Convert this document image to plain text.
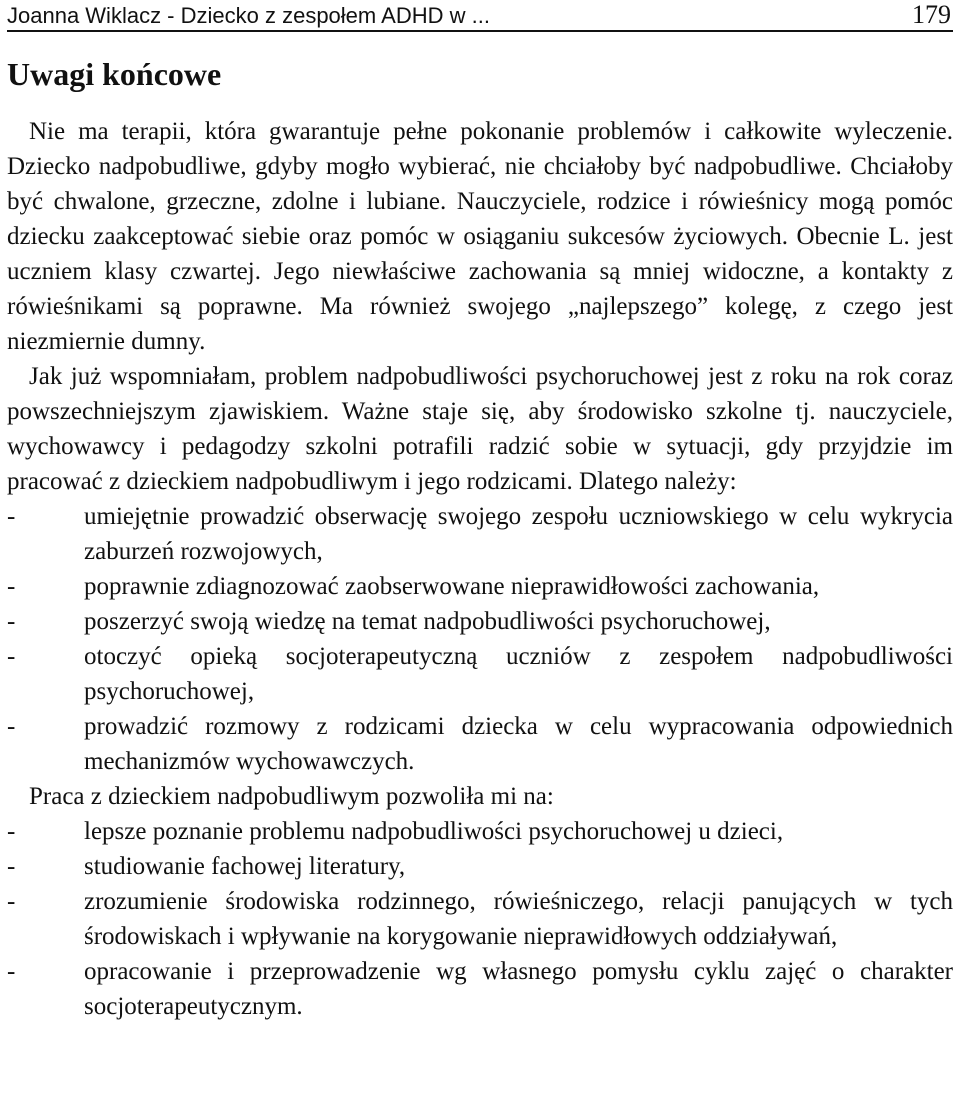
Joanna Wiklacz - Dziecko z zespołem ADHD w ...	179
Uwagi końcowe

Nie ma terapii, która gwarantuje pełne pokonanie problemów i całkowite wyleczenie. Dziecko nadpobudliwe, gdyby mogło wybierać, nie chciałoby być nadpobudliwe. Chciałoby być chwalone, grzeczne, zdolne i lubiane. Nauczyciele, rodzice i rówieśnicy mogą pomóc dziecku zaakceptować siebie oraz pomóc w osiąganiu sukcesów życiowych. Obecnie L. jest uczniem klasy czwartej. Jego niewłaściwe zachowania są mniej widoczne, a kontakty z rówieśnikami są poprawne. Ma również swojego „najlepszego” kolegę, z czego jest niezmiernie dumny.

Jak już wspomniałam, problem nadpobudliwości psychoruchowej jest z roku na rok coraz powszechniejszym zjawiskiem. Ważne staje się, aby środowisko szkolne tj. nauczyciele, wychowawcy i pedagodzy szkolni potrafili radzić sobie w sytuacji, gdy przyjdzie im pracować z dzieckiem nadpobudliwym i jego rodzicami. Dlatego należy:

-	umiejętnie prowadzić obserwację swojego zespołu uczniowskiego w celu wykrycia zaburzeń rozwojowych,
-	poprawnie zdiagnozować zaobserwowane nieprawidłowości zachowania,
-	poszerzyć swoją wiedzę na temat nadpobudliwości psychoruchowej,
-	otoczyć opieką socjoterapeutyczną uczniów z zespołem nadpobudliwości psychoruchowej,
-	prowadzić rozmowy z rodzicami dziecka w celu wypracowania odpowiednich mechanizmów wychowawczych.

Praca z dzieckiem nadpobudliwym pozwoliła mi na:

-	lepsze poznanie problemu nadpobudliwości psychoruchowej u dzieci,
-	studiowanie fachowej literatury,
-	zrozumienie środowiska rodzinnego, rówieśniczego, relacji panujących w tych środowiskach i wpływanie na korygowanie nieprawidłowych oddziaływań,
-	opracowanie i przeprowadzenie wg własnego pomysłu cyklu zajęć o charakter socjoterapeutycznym.
